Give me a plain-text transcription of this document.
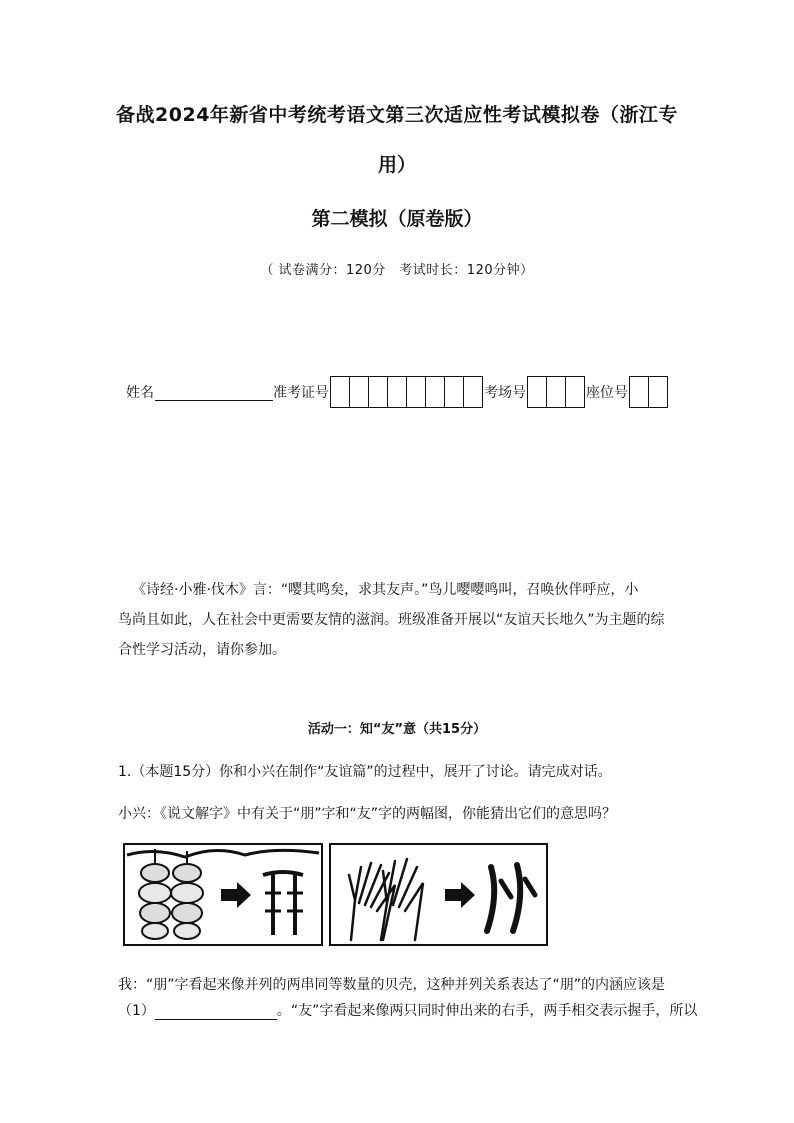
备战2024年新省中考统考语文第三次适应性考试模拟卷（浙江专
用）
第二模拟（原卷版）
（ 试卷满分：120分　考试时长：120分钟）
姓名	准考证号	考场号	座位号
《诗经·小雅·伐木》言：“嘤其鸣矣，求其友声。”鸟儿嘤嘤鸣叫，召唤伙伴呼应，小
鸟尚且如此，人在社会中更需要友情的滋润。班级准备开展以“友谊天长地久”为主题的综
合性学习活动，请你参加。
活动一：知“友”意（共15分）
1.（本题15分）你和小兴在制作“友谊篇”的过程中，展开了讨论。请完成对话。
小兴：《说文解字》中有关于“朋”字和“友”字的两幅图，你能猜出它们的意思吗？
我：“朋”字看起来像并列的两串同等数量的贝壳，这种并列关系表达了“朋”的内涵应该是
（1）	。“友”字看起来像两只同时伸出来的右手，两手相交表示握手，所以
